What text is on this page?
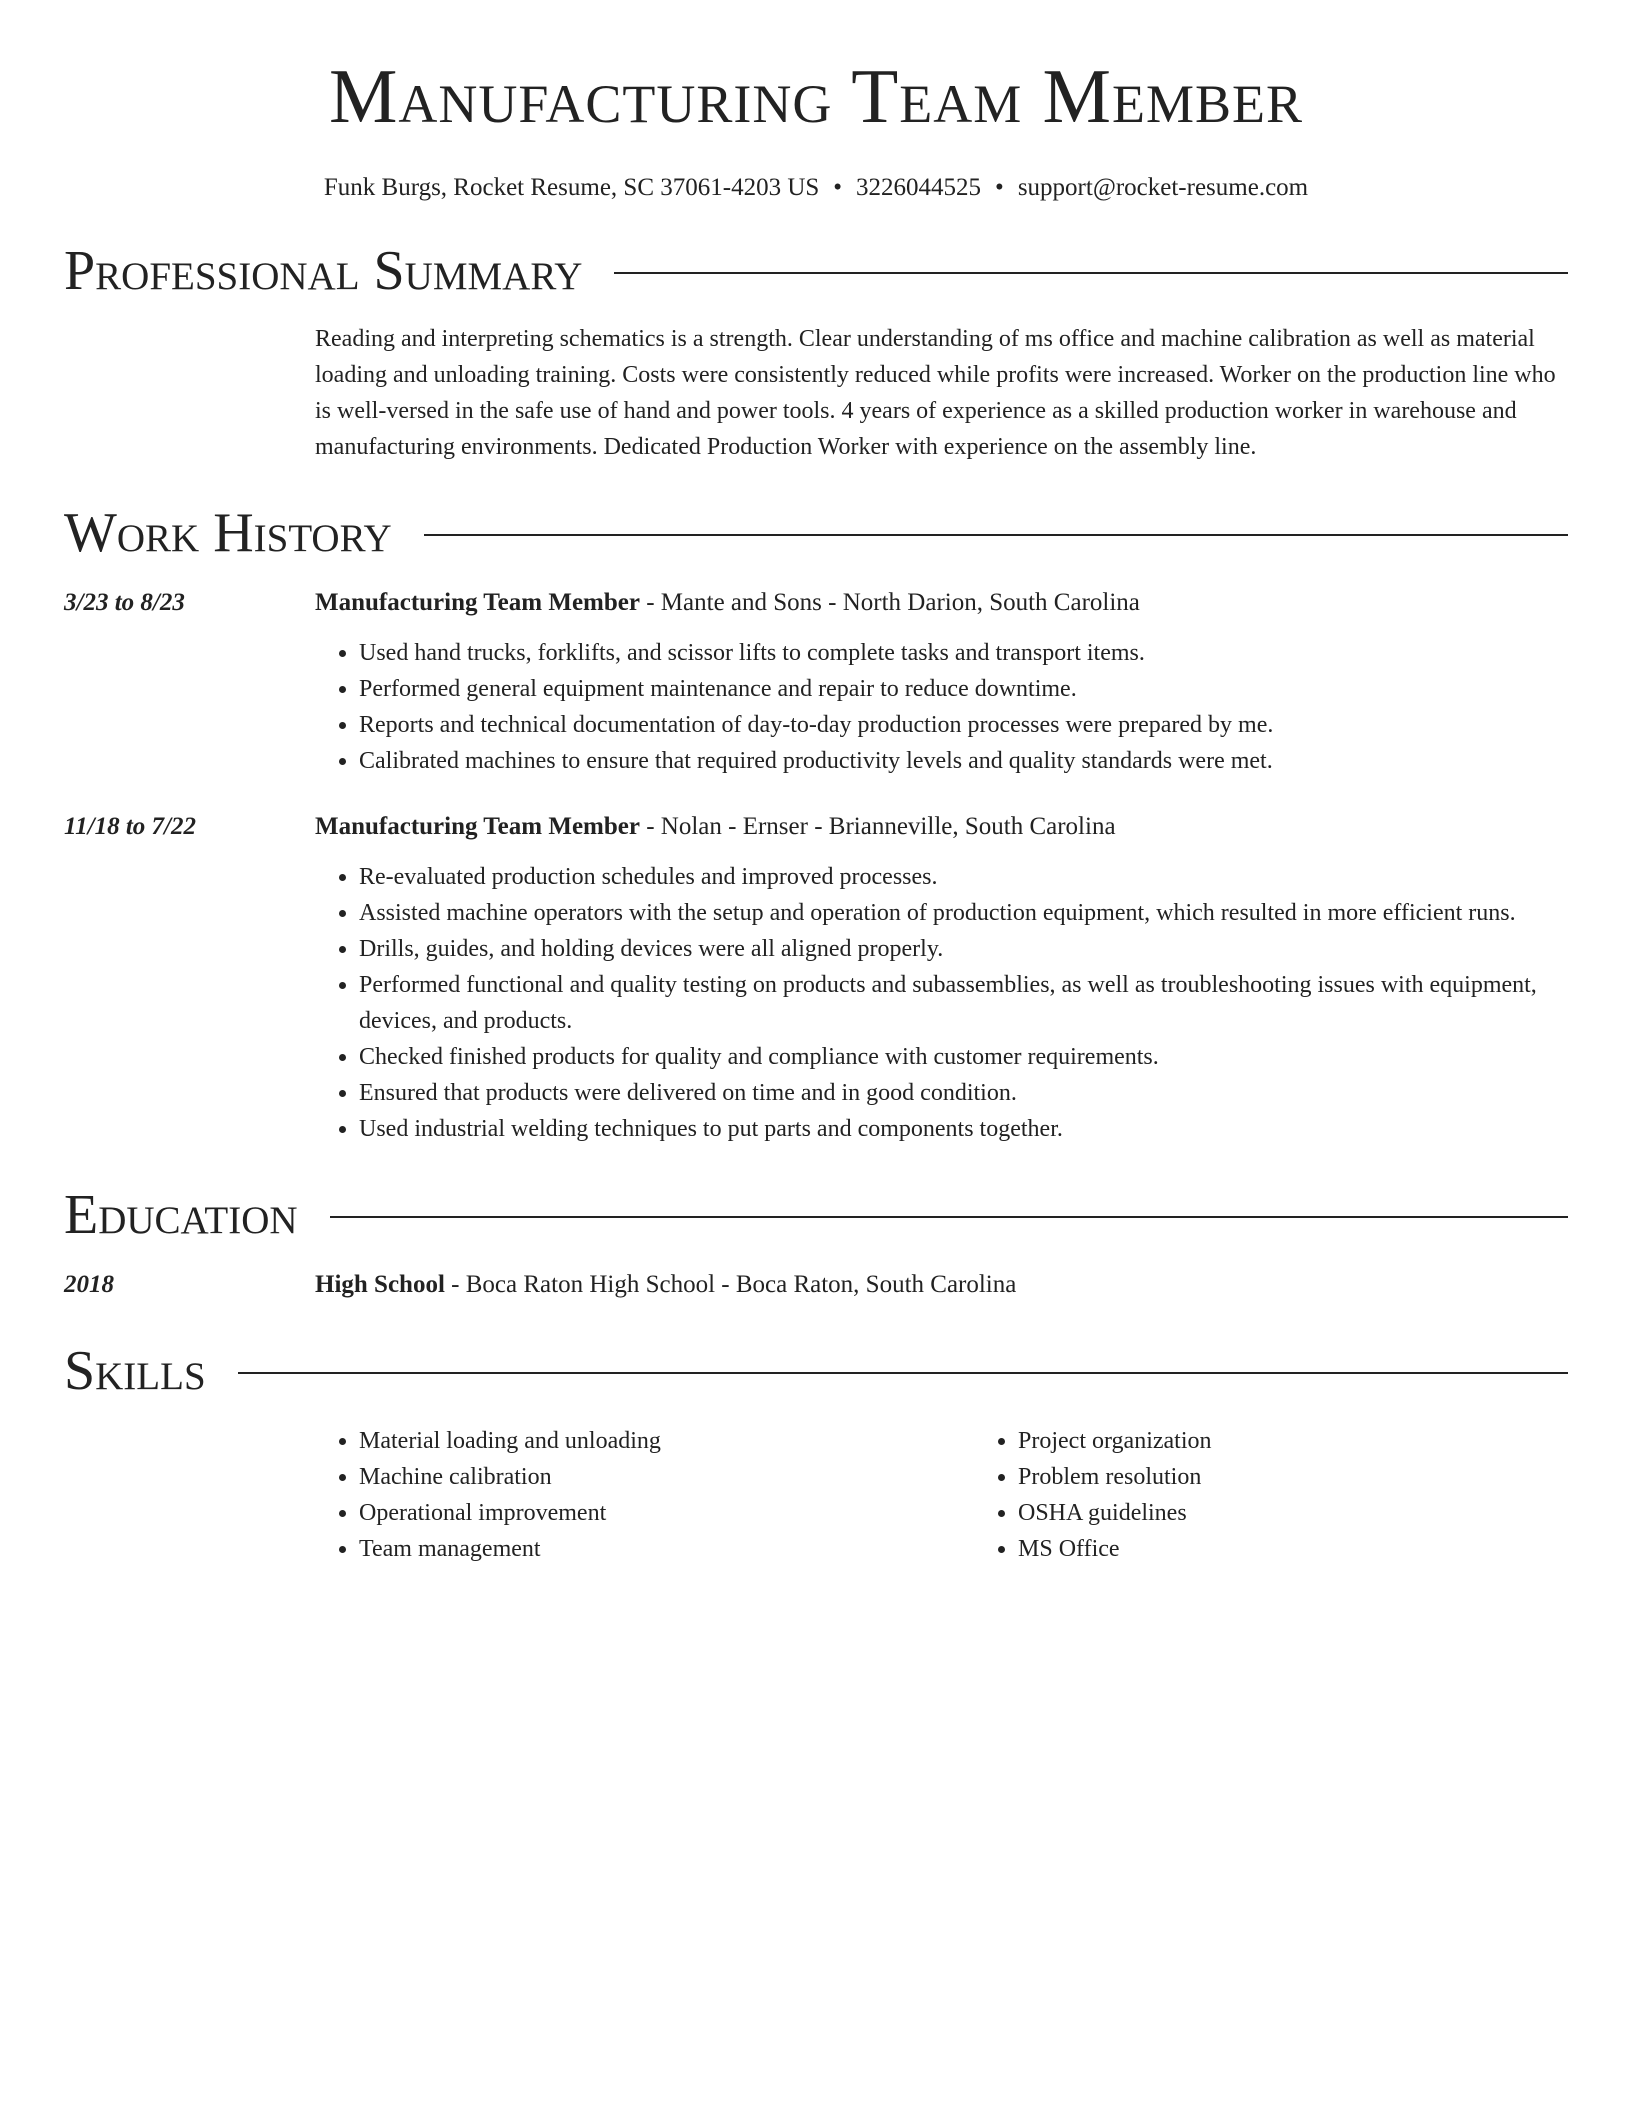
Manufacturing Team Member
Funk Burgs, Rocket Resume, SC 37061-4203 US • 3226044525 • support@rocket-resume.com
Professional Summary

Reading and interpreting schematics is a strength. Clear understanding of ms office and machine calibration as well as material loading and unloading training. Costs were consistently reduced while profits were increased. Worker on the production line who is well-versed in the safe use of hand and power tools. 4 years of experience as a skilled production worker in warehouse and manufacturing environments. Dedicated Production Worker with experience on the assembly line.

Work History
3/23 to 8/23	Manufacturing Team Member - Mante and Sons - North Darion, South Carolina
• Used hand trucks, forklifts, and scissor lifts to complete tasks and transport items.
• Performed general equipment maintenance and repair to reduce downtime.
• Reports and technical documentation of day-to-day production processes were prepared by me.
• Calibrated machines to ensure that required productivity levels and quality standards were met.
11/18 to 7/22	Manufacturing Team Member - Nolan - Ernser - Brianneville, South Carolina
• Re-evaluated production schedules and improved processes.
• Assisted machine operators with the setup and operation of production equipment, which resulted in more efficient runs.
• Drills, guides, and holding devices were all aligned properly.
• Performed functional and quality testing on products and subassemblies, as well as troubleshooting issues with equipment, devices, and products.
• Checked finished products for quality and compliance with customer requirements.
• Ensured that products were delivered on time and in good condition.
• Used industrial welding techniques to put parts and components together.
Education
2018	High School - Boca Raton High School - Boca Raton, South Carolina
Skills
• Material loading and unloading
• Machine calibration
• Operational improvement
• Team management
• Project organization
• Problem resolution
• OSHA guidelines
• MS Office
